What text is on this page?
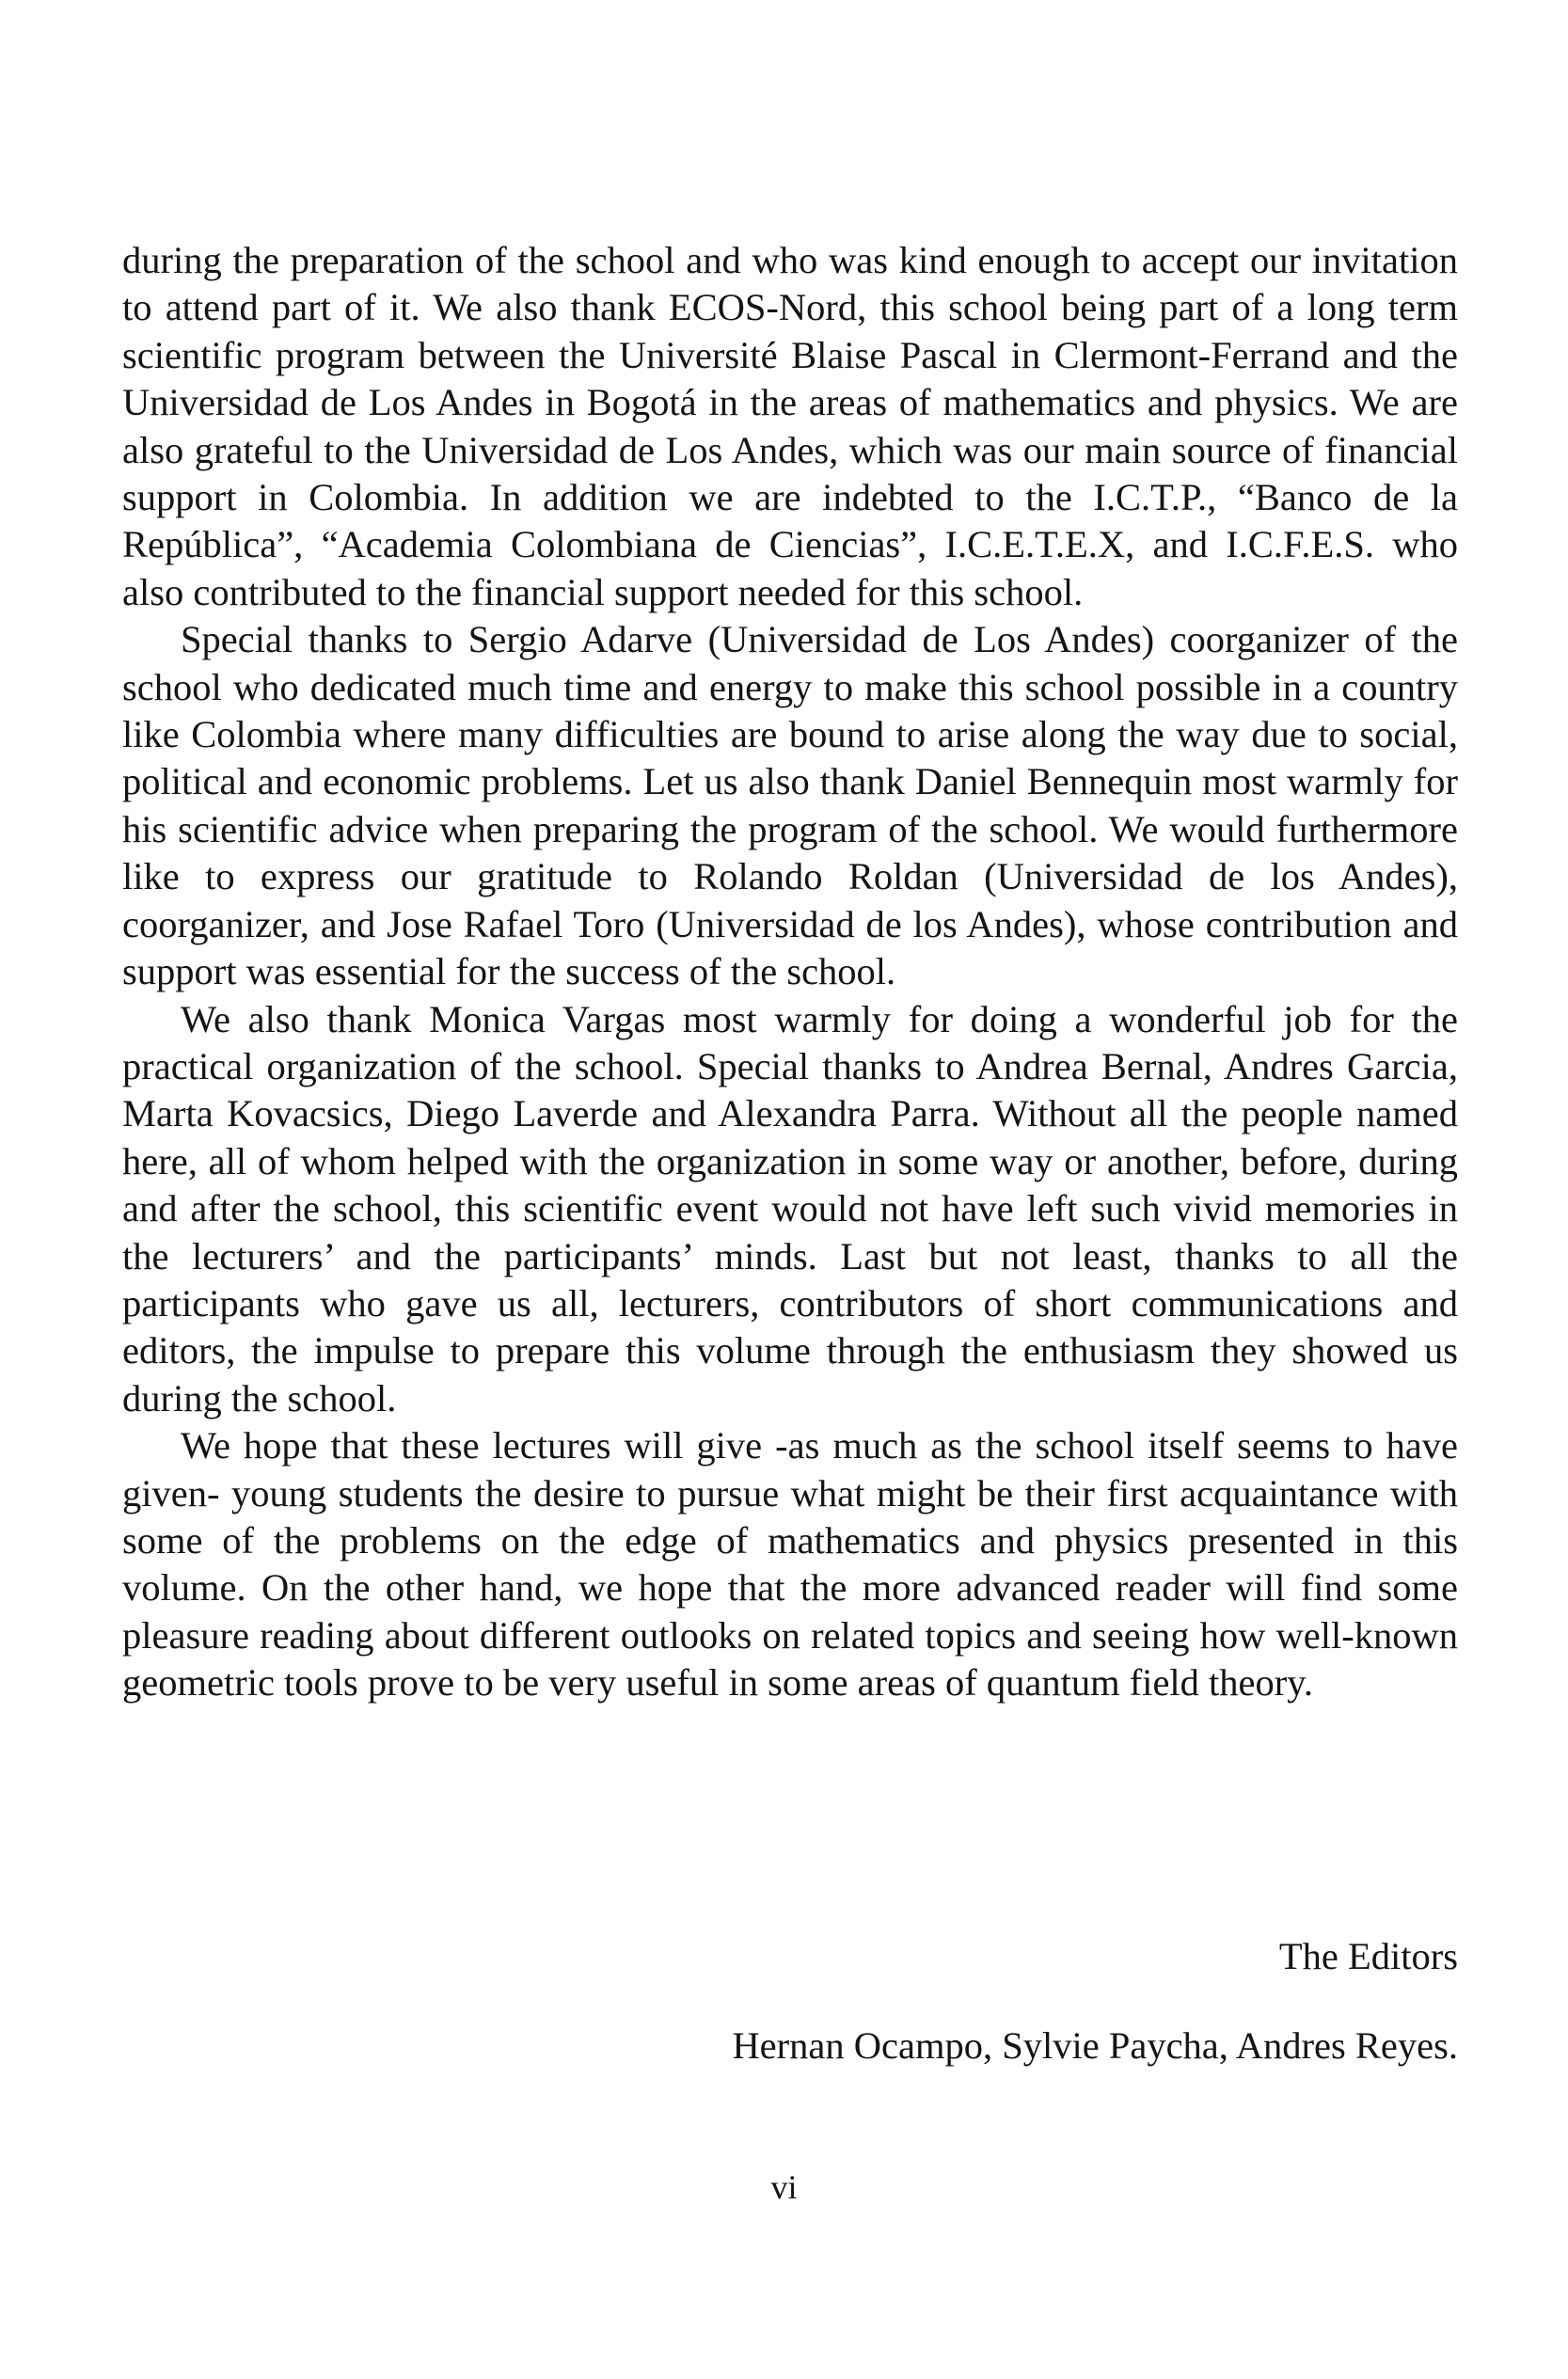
during the preparation of the school and who was kind enough to accept our invitation to attend part of it. We also thank ECOS-Nord, this school being part of a long term scientific program between the Université Blaise Pascal in Clermont-Ferrand and the Universidad de Los Andes in Bogotá in the areas of mathematics and physics. We are also grateful to the Universidad de Los Andes, which was our main source of financial support in Colombia. In addition we are indebted to the I.C.T.P., “Banco de la República”, “Academia Colombiana de Ciencias”, I.C.E.T.E.X, and I.C.F.E.S. who also contributed to the financial support needed for this school.

Special thanks to Sergio Adarve (Universidad de Los Andes) coorganizer of the school who dedicated much time and energy to make this school possible in a country like Colombia where many difficulties are bound to arise along the way due to social, political and economic problems. Let us also thank Daniel Bennequin most warmly for his scientific advice when preparing the program of the school. We would furthermore like to express our gratitude to Rolando Roldan (Universidad de los Andes), coorganizer, and Jose Rafael Toro (Universidad de los Andes), whose contribution and support was essential for the success of the school.

We also thank Monica Vargas most warmly for doing a wonderful job for the practical organization of the school. Special thanks to Andrea Bernal, Andres Garcia, Marta Kovacsics, Diego Laverde and Alexandra Parra. Without all the people named here, all of whom helped with the organization in some way or another, before, during and after the school, this scientific event would not have left such vivid memories in the lecturers’ and the participants’ minds. Last but not least, thanks to all the participants who gave us all, lecturers, contributors of short communications and editors, the impulse to prepare this volume through the enthusiasm they showed us during the school.

We hope that these lectures will give -as much as the school itself seems to have given- young students the desire to pursue what might be their first acquaintance with some of the problems on the edge of mathematics and physics presented in this volume. On the other hand, we hope that the more advanced reader will find some pleasure reading about different outlooks on related topics and seeing how well-known geometric tools prove to be very useful in some areas of quantum field theory.

The Editors

Hernan Ocampo, Sylvie Paycha, Andres Reyes.

vi
